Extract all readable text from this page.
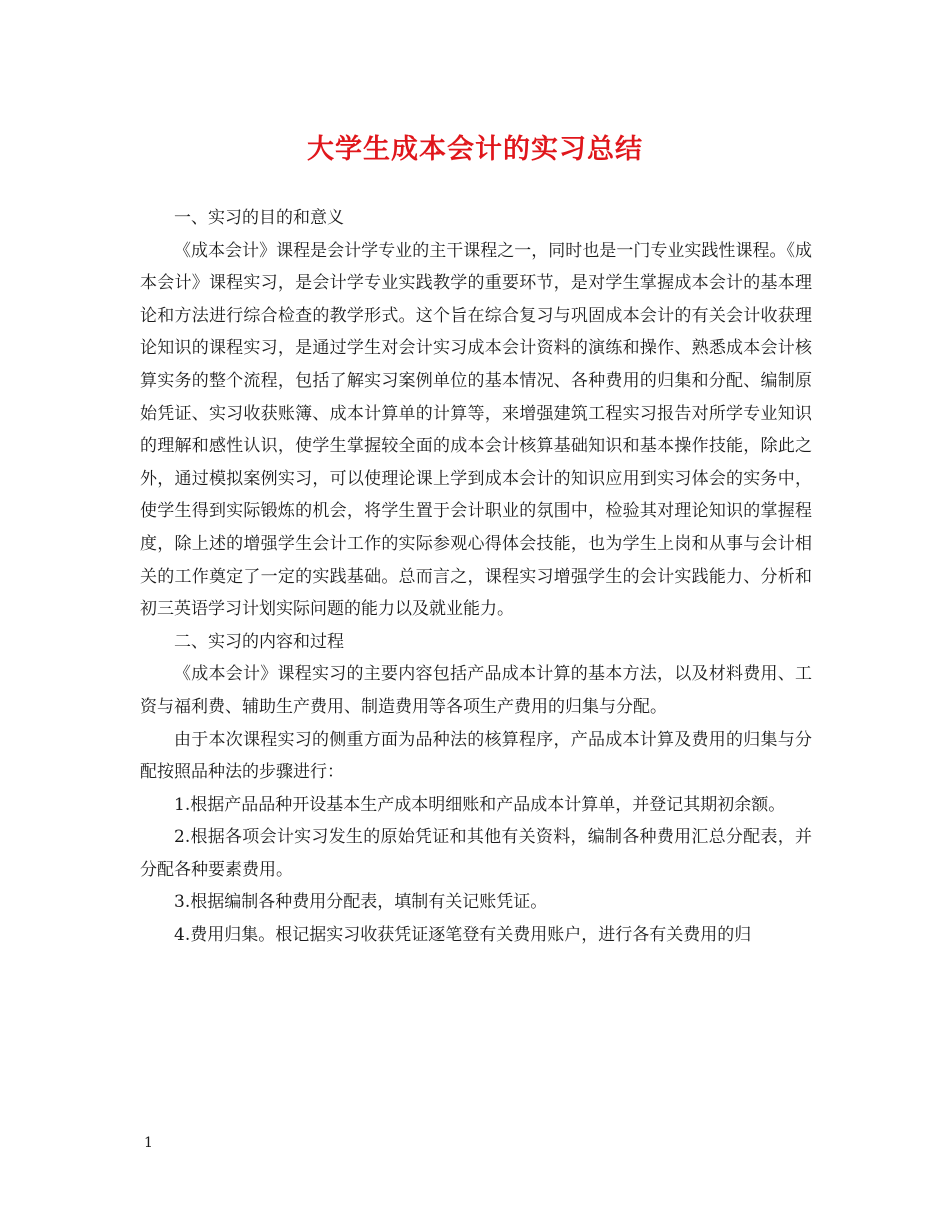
大学生成本会计的实习总结

一、实习的目的和意义

《成本会计》课程是会计学专业的主干课程之一，同时也是一门专业实践性课程。《成本会计》课程实习，是会计学专业实践教学的重要环节，是对学生掌握成本会计的基本理论和方法进行综合检查的教学形式。这个旨在综合复习与巩固成本会计的有关会计收获理论知识的课程实习，是通过学生对会计实习成本会计资料的演练和操作、熟悉成本会计核算实务的整个流程，包括了解实习案例单位的基本情况、各种费用的归集和分配、编制原始凭证、实习收获账簿、成本计算单的计算等，来增强建筑工程实习报告对所学专业知识的理解和感性认识，使学生掌握较全面的成本会计核算基础知识和基本操作技能，除此之外，通过模拟案例实习，可以使理论课上学到成本会计的知识应用到实习体会的实务中，使学生得到实际锻炼的机会，将学生置于会计职业的氛围中，检验其对理论知识的掌握程度，除上述的增强学生会计工作的实际参观心得体会技能，也为学生上岗和从事与会计相关的工作奠定了一定的实践基础。总而言之，课程实习增强学生的会计实践能力、分析和初三英语学习计划实际问题的能力以及就业能力。

二、实习的内容和过程

《成本会计》课程实习的主要内容包括产品成本计算的基本方法，以及材料费用、工资与福利费、辅助生产费用、制造费用等各项生产费用的归集与分配。

由于本次课程实习的侧重方面为品种法的核算程序，产品成本计算及费用的归集与分配按照品种法的步骤进行：

1.根据产品品种开设基本生产成本明细账和产品成本计算单，并登记其期初余额。

2.根据各项会计实习发生的原始凭证和其他有关资料，编制各种费用汇总分配表，并分配各种要素费用。

3.根据编制各种费用分配表，填制有关记账凭证。

4.费用归集。根记据实习收获凭证逐笔登有关费用账户，进行各有关费用的归

1
